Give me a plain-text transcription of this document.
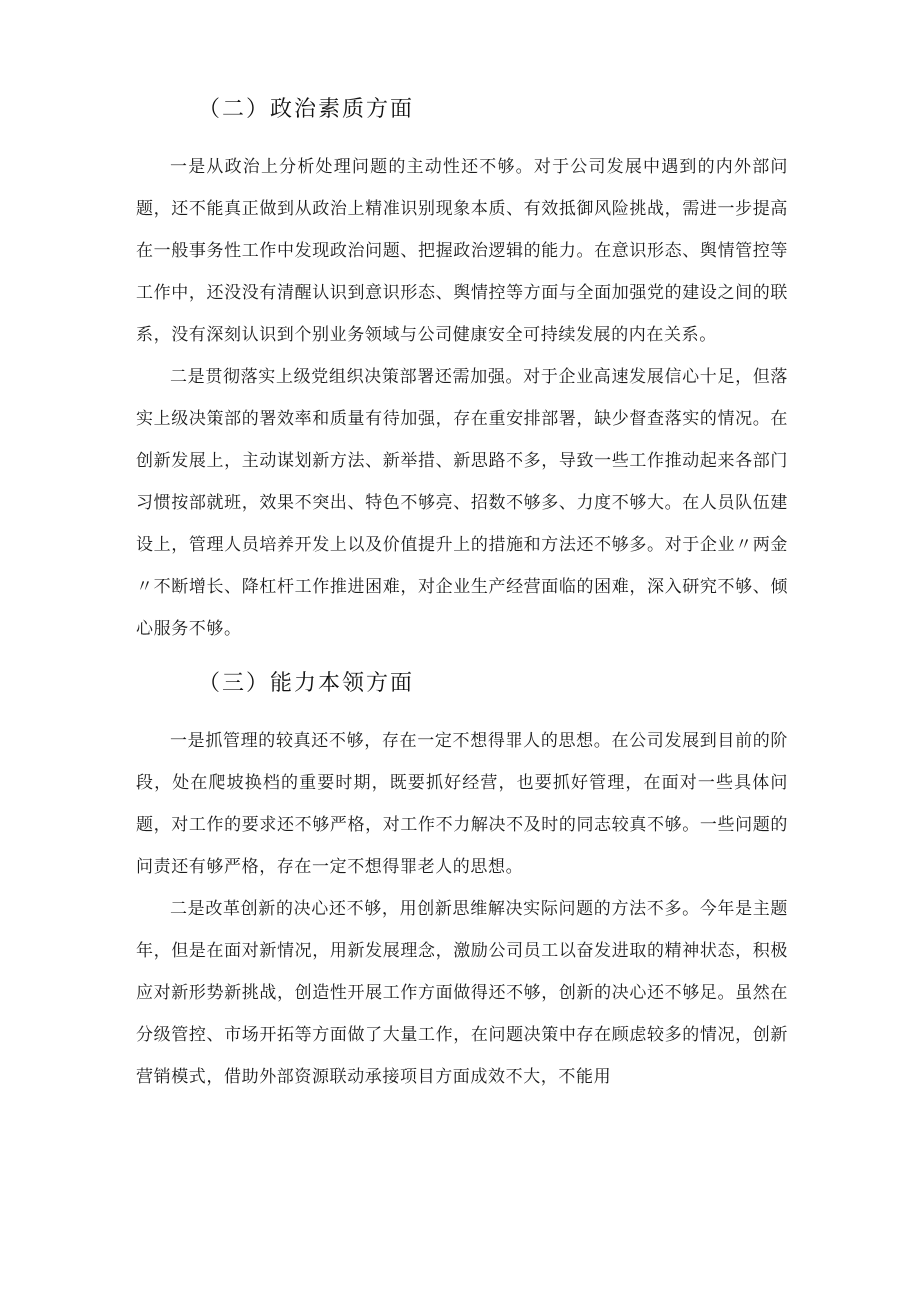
（二）政治素质方面

一是从政治上分析处理问题的主动性还不够。对于公司发展中遇到的内外部问题，还不能真正做到从政治上精准识别现象本质、有效抵御风险挑战，需进一步提高在一般事务性工作中发现政治问题、把握政治逻辑的能力。在意识形态、舆情管控等工作中，还没没有清醒认识到意识形态、舆情控等方面与全面加强党的建设之间的联系，没有深刻认识到个别业务领域与公司健康安全可持续发展的内在关系。

二是贯彻落实上级党组织决策部署还需加强。对于企业高速发展信心十足，但落实上级决策部的署效率和质量有待加强，存在重安排部署，缺少督查落实的情况。在创新发展上，主动谋划新方法、新举措、新思路不多，导致一些工作推动起来各部门习惯按部就班，效果不突出、特色不够亮、招数不够多、力度不够大。在人员队伍建设上，管理人员培养开发上以及价值提升上的措施和方法还不够多。对于企业〃两金〃不断增长、降杠杆工作推进困难，对企业生产经营面临的困难，深入研究不够、倾心服务不够。

（三）能力本领方面

一是抓管理的较真还不够，存在一定不想得罪人的思想。在公司发展到目前的阶段，处在爬坡换档的重要时期，既要抓好经营，也要抓好管理，在面对一些具体问题，对工作的要求还不够严格，对工作不力解决不及时的同志较真不够。一些问题的问责还有够严格，存在一定不想得罪老人的思想。

二是改革创新的决心还不够，用创新思维解决实际问题的方法不多。今年是主题年，但是在面对新情况，用新发展理念，激励公司员工以奋发进取的精神状态，积极应对新形势新挑战，创造性开展工作方面做得还不够，创新的决心还不够足。虽然在分级管控、市场开拓等方面做了大量工作，在问题决策中存在顾虑较多的情况，创新营销模式，借助外部资源联动承接项目方面成效不大，不能用
